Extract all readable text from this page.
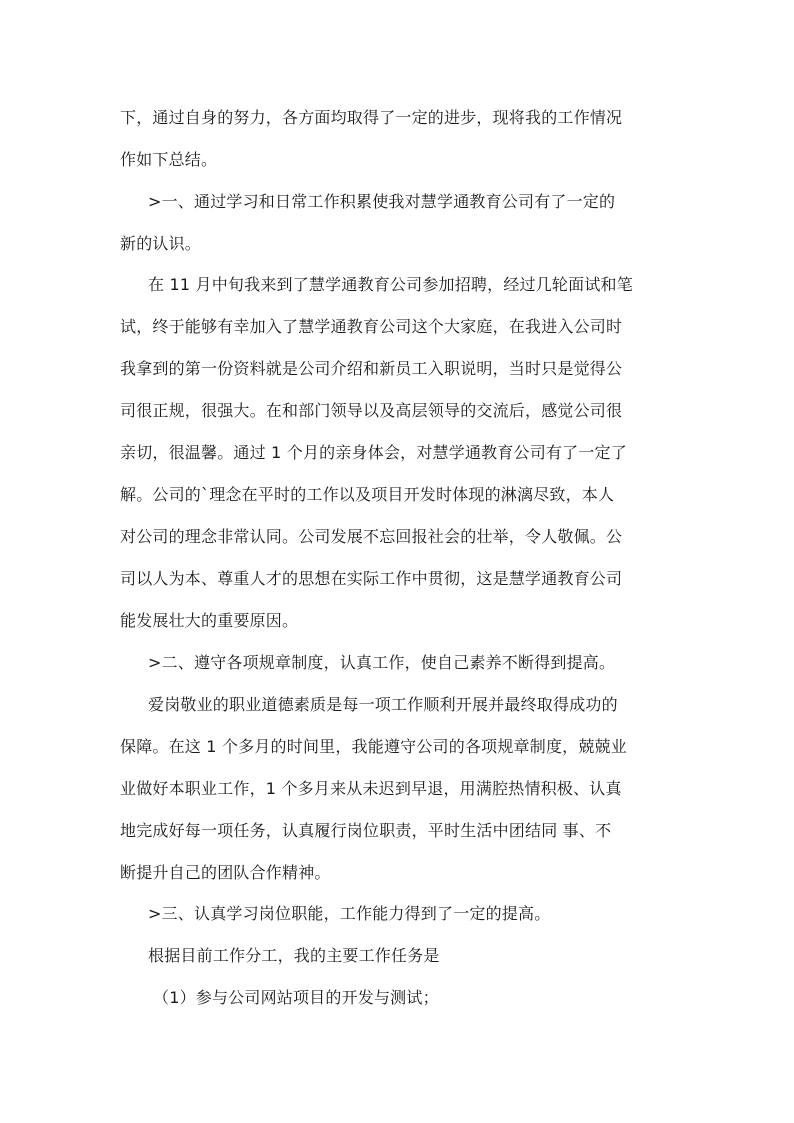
下，通过自身的努力，各方面均取得了一定的进步，现将我的工作情况
作如下总结。
>一、通过学习和日常工作积累使我对慧学通教育公司有了一定的
新的认识。
在 11 月中旬我来到了慧学通教育公司参加招聘，经过几轮面试和笔
试，终于能够有幸加入了慧学通教育公司这个大家庭，在我进入公司时
我拿到的第一份资料就是公司介绍和新员工入职说明，当时只是觉得公
司很正规，很强大。在和部门领导以及高层领导的交流后，感觉公司很
亲切，很温馨。通过 1 个月的亲身体会，对慧学通教育公司有了一定了
解。公司的`理念在平时的工作以及项目开发时体现的淋漓尽致，本人
对公司的理念非常认同。公司发展不忘回报社会的壮举，令人敬佩。公
司以人为本、尊重人才的思想在实际工作中贯彻，这是慧学通教育公司
能发展壮大的重要原因。
>二、遵守各项规章制度，认真工作，使自己素养不断得到提高。
爱岗敬业的职业道德素质是每一项工作顺利开展并最终取得成功的
保障。在这 1 个多月的时间里，我能遵守公司的各项规章制度，兢兢业
业做好本职业工作，1 个多月来从未迟到早退，用满腔热情积极、认真
地完成好每一项任务，认真履行岗位职责，平时生活中团结同 事、不
断提升自己的团队合作精神。
>三、认真学习岗位职能，工作能力得到了一定的提高。
根据目前工作分工，我的主要工作任务是
（1）参与公司网站项目的开发与测试；
